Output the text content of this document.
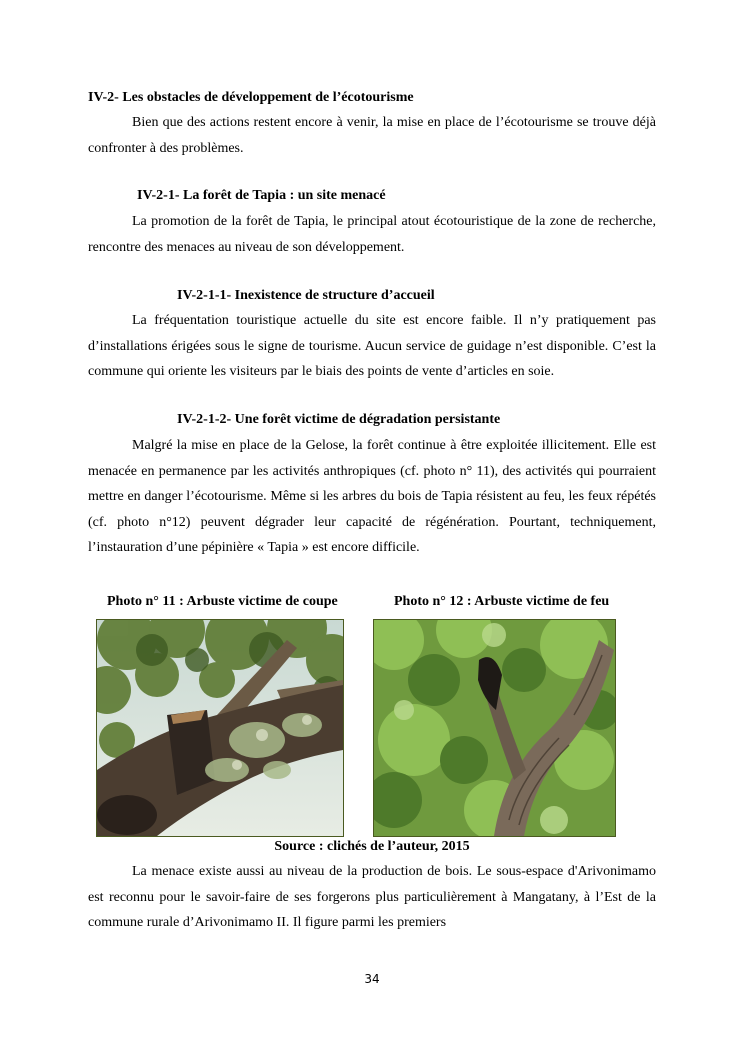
IV-2- Les obstacles de développement de l’écotourisme
Bien que des actions restent encore à venir, la mise en place de l’écotourisme se trouve déjà confronter à des problèmes.
IV-2-1- La forêt de Tapia : un site menacé
La promotion de la forêt de Tapia, le principal atout écotouristique de la zone de recherche, rencontre des menaces au niveau de son développement.
IV-2-1-1- Inexistence de structure d’accueil
La fréquentation touristique actuelle du site est encore faible. Il n’y pratiquement pas d’installations érigées sous le signe de tourisme. Aucun service de guidage n’est disponible. C’est la commune qui oriente les visiteurs par le biais des points de vente d’articles en soie.
IV-2-1-2- Une forêt victime de dégradation persistante
Malgré la mise en place de la Gelose, la forêt continue à être exploitée illicitement. Elle est menacée en permanence par les activités anthropiques (cf. photo n° 11), des activités qui pourraient mettre en danger l’écotourisme. Même si les arbres du bois de Tapia résistent au feu, les feux répétés (cf. photo n°12) peuvent dégrader leur capacité de régénération. Pourtant, techniquement, l’instauration d’une pépinière « Tapia » est encore difficile.
Photo n° 11 : Arbuste victime de coupe	Photo n° 12 : Arbuste victime de feu
Source : clichés de l’auteur, 2015
La menace existe aussi au niveau de la production de bois. Le sous-espace d'Arivonimamo est reconnu pour le savoir-faire de ses forgerons plus particulièrement à Mangatany, à l’Est de la commune rurale d’Arivonimamo II. Il figure parmi les premiers
34
